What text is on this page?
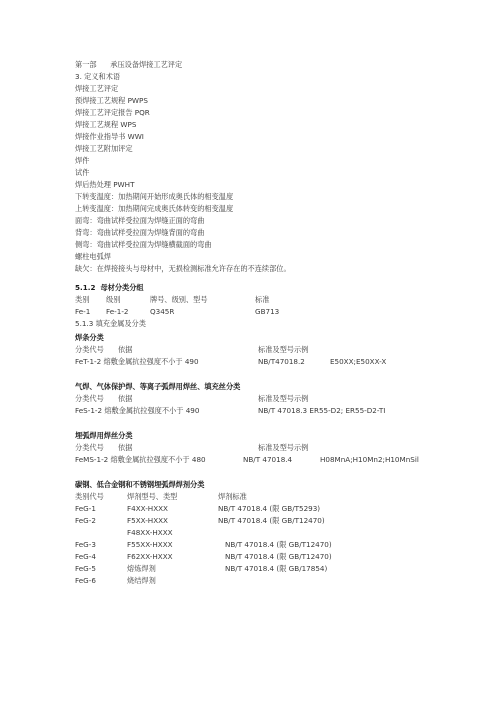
第一部      承压设备焊接工艺评定
3. 定义和术语
焊接工艺评定
预焊接工艺规程 PWPS
焊接工艺评定报告 PQR
焊接工艺规程 WPS
焊接作业指导书 WWI
焊接工艺附加评定
焊件
试件
焊后热处理 PWHT
下转变温度：加热期间开始形成奥氏体的相变温度
上转变温度：加热期间完成奥氏体转变的相变温度
面弯：弯曲试样受拉面为焊缝正面的弯曲
背弯：弯曲试样受拉面为焊缝背面的弯曲
侧弯：弯曲试样受拉面为焊缝横截面的弯曲
螺柱电弧焊
缺欠：在焊接接头与母材中，无损检测标准允许存在的不连续部位。
5.1.2  母材分类分组
类别 级别	牌号、级别、型号	标准
Fe-1 Fe-1-2	Q345R	GB713
5.1.3 填充金属及分类
焊条分类
分类代号 依据	标准及型号示例
FeT-1-2 熔敷金属抗拉强度不小于 490	NB/T47018.2	E50XX;E50XX-X
气焊、气体保护焊、等离子弧焊用焊丝、填充丝分类
分类代号 依据	标准及型号示例
FeS-1-2 熔敷金属抗拉强度不小于 490	NB/T 47018.3 ER55-D2; ER55-D2-TI
埋弧焊用焊丝分类
分类代号 依据	标准及型号示例
FeMS-1-2 熔敷金属抗拉强度不小于 480	NB/T 47018.4	H08MnA;H10Mn2;H10MnSil
碳钢、低合金钢和不锈钢埋弧焊焊剂分类
类别代号	焊剂型号、类型	焊剂标准
FeG-1	F4XX-HXXX	NB/T 47018.4 (限 GB/T5293)
FeG-2	F5XX-HXXX	NB/T 47018.4 (限 GB/T12470)
F48XX-HXXX
FeG-3	F55XX-HXXX	NB/T 47018.4 (限 GB/T12470)
FeG-4	F62XX-HXXX	NB/T 47018.4 (限 GB/T12470)
FeG-5	熔炼焊剂	NB/T 47018.4 (限 GB/17854)
FeG-6	烧结焊剂
